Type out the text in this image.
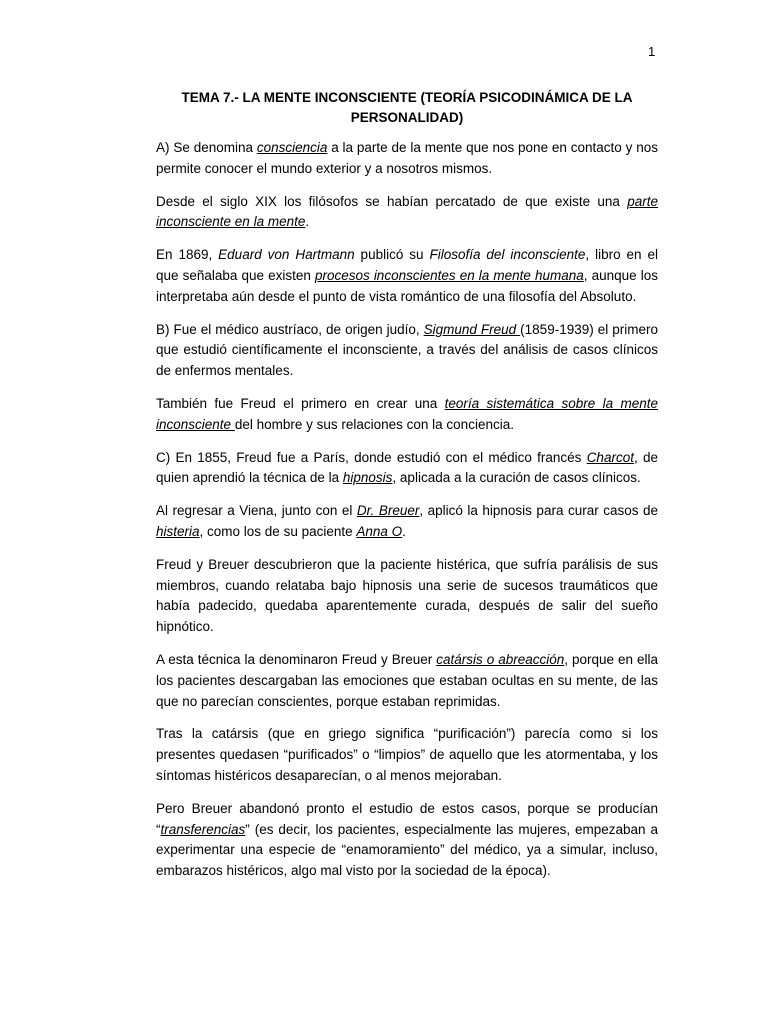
1
TEMA 7.- LA MENTE INCONSCIENTE (TEORÍA PSICODINÁMICA DE LA PERSONALIDAD)

A) Se denomina consciencia a la parte de la mente que nos pone en contacto y nos permite conocer el mundo exterior y a nosotros mismos.

Desde el siglo XIX los filósofos se habían percatado de que existe una parte inconsciente en la mente.

En 1869, Eduard von Hartmann publicó su Filosofía del inconsciente, libro en el que señalaba que existen procesos inconscientes en la mente humana, aunque los interpretaba aún desde el punto de vista romántico de una filosofía del Absoluto.

B) Fue el médico austríaco, de origen judío, Sigmund Freud (1859-1939) el primero que estudió científicamente el inconsciente, a través del análisis de casos clínicos de enfermos mentales.

También fue Freud el primero en crear una teoría sistemática sobre la mente inconsciente del hombre y sus relaciones con la conciencia.

C) En 1855, Freud fue a París, donde estudió con el médico francés Charcot, de quien aprendió la técnica de la hipnosis, aplicada a la curación de casos clínicos.

Al regresar a Viena, junto con el Dr. Breuer, aplicó la hipnosis para curar casos de histeria, como los de su paciente Anna O.

Freud y Breuer descubrieron que la paciente histérica, que sufría parálisis de sus miembros, cuando relataba bajo hipnosis una serie de sucesos traumáticos que había padecido, quedaba aparentemente curada, después de salir del sueño hipnótico.

A esta técnica la denominaron Freud y Breuer catársis o abreacción, porque en ella los pacientes descargaban las emociones que estaban ocultas en su mente, de las que no parecían conscientes, porque estaban reprimidas.

Tras la catársis (que en griego significa “purificación”) parecía como si los presentes quedasen “purificados” o “limpios” de aquello que les atormentaba, y los síntomas histéricos desaparecían, o al menos mejoraban.

Pero Breuer abandonó pronto el estudio de estos casos, porque se producían “transferencias” (es decir, los pacientes, especialmente las mujeres, empezaban a experimentar una especie de “enamoramiento” del médico, ya a simular, incluso, embarazos histéricos, algo mal visto por la sociedad de la época).
